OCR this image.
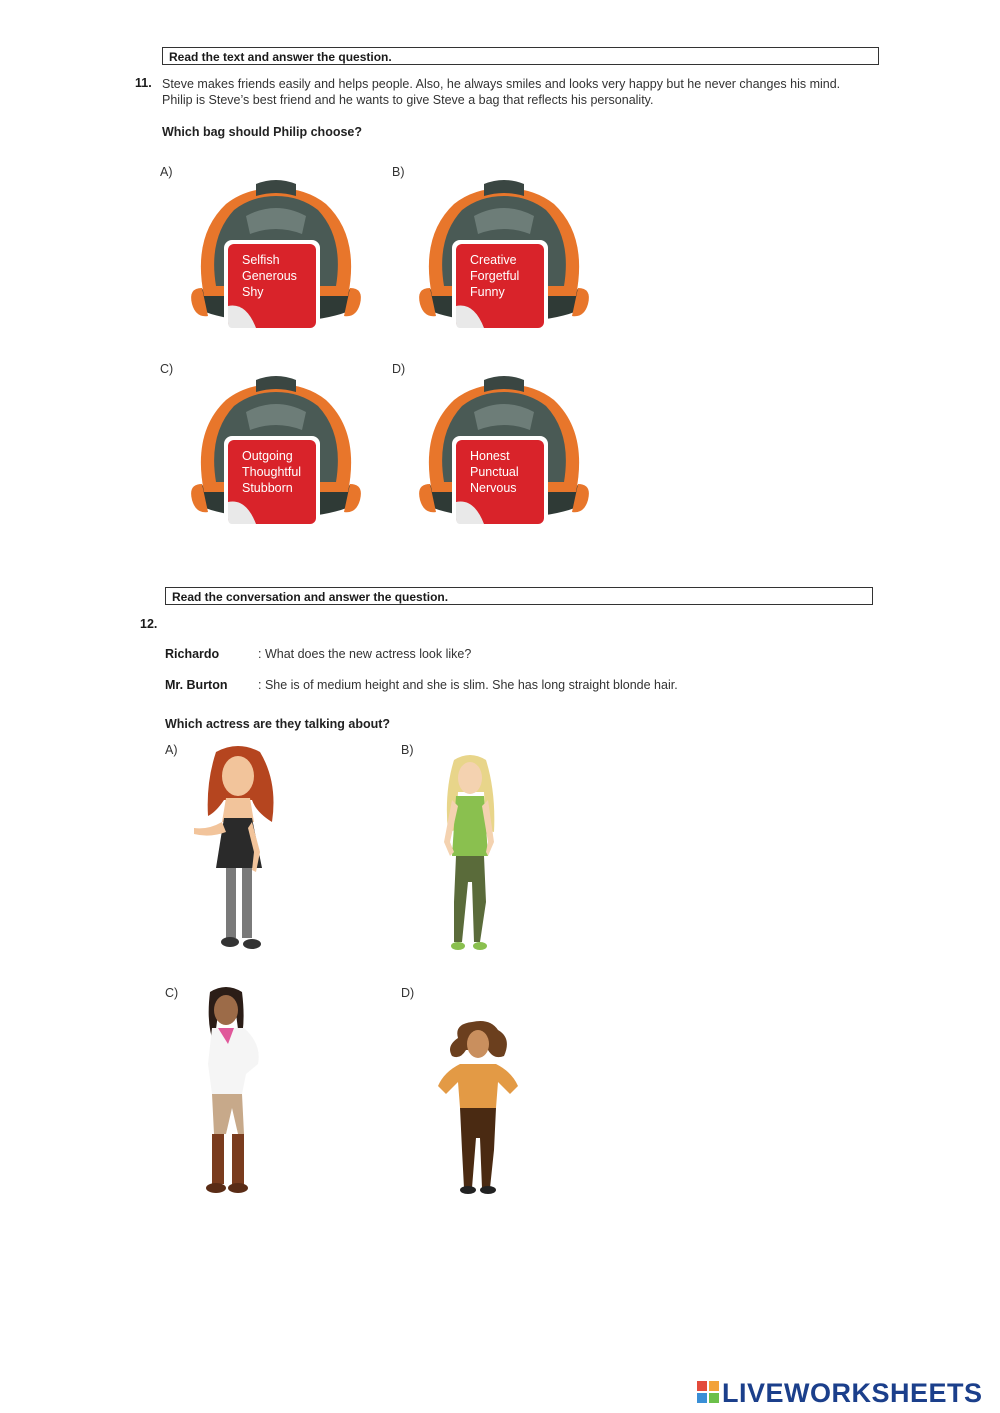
Read the text and answer the question.
11. Steve makes friends easily and helps people. Also, he always smiles and looks very happy but he never changes his mind.
Philip is Steve’s best friend and he wants to give Steve a bag that reflects his personality.
Which bag should Philip choose?
A)	B)
C)	D)
Selfish
Generous
Shy
Creative
Forgetful
Funny
Outgoing
Thoughtful
Stubborn
Honest
Punctual
Nervous
Read the conversation and answer the question.
12.
Richardo	: What does the new actress look like?
Mr. Burton : She is of medium height and she is slim. She has long straight blonde hair.
Which actress are they talking about?
A)	B)
C)	D)
LIVEWORKSHEETS
